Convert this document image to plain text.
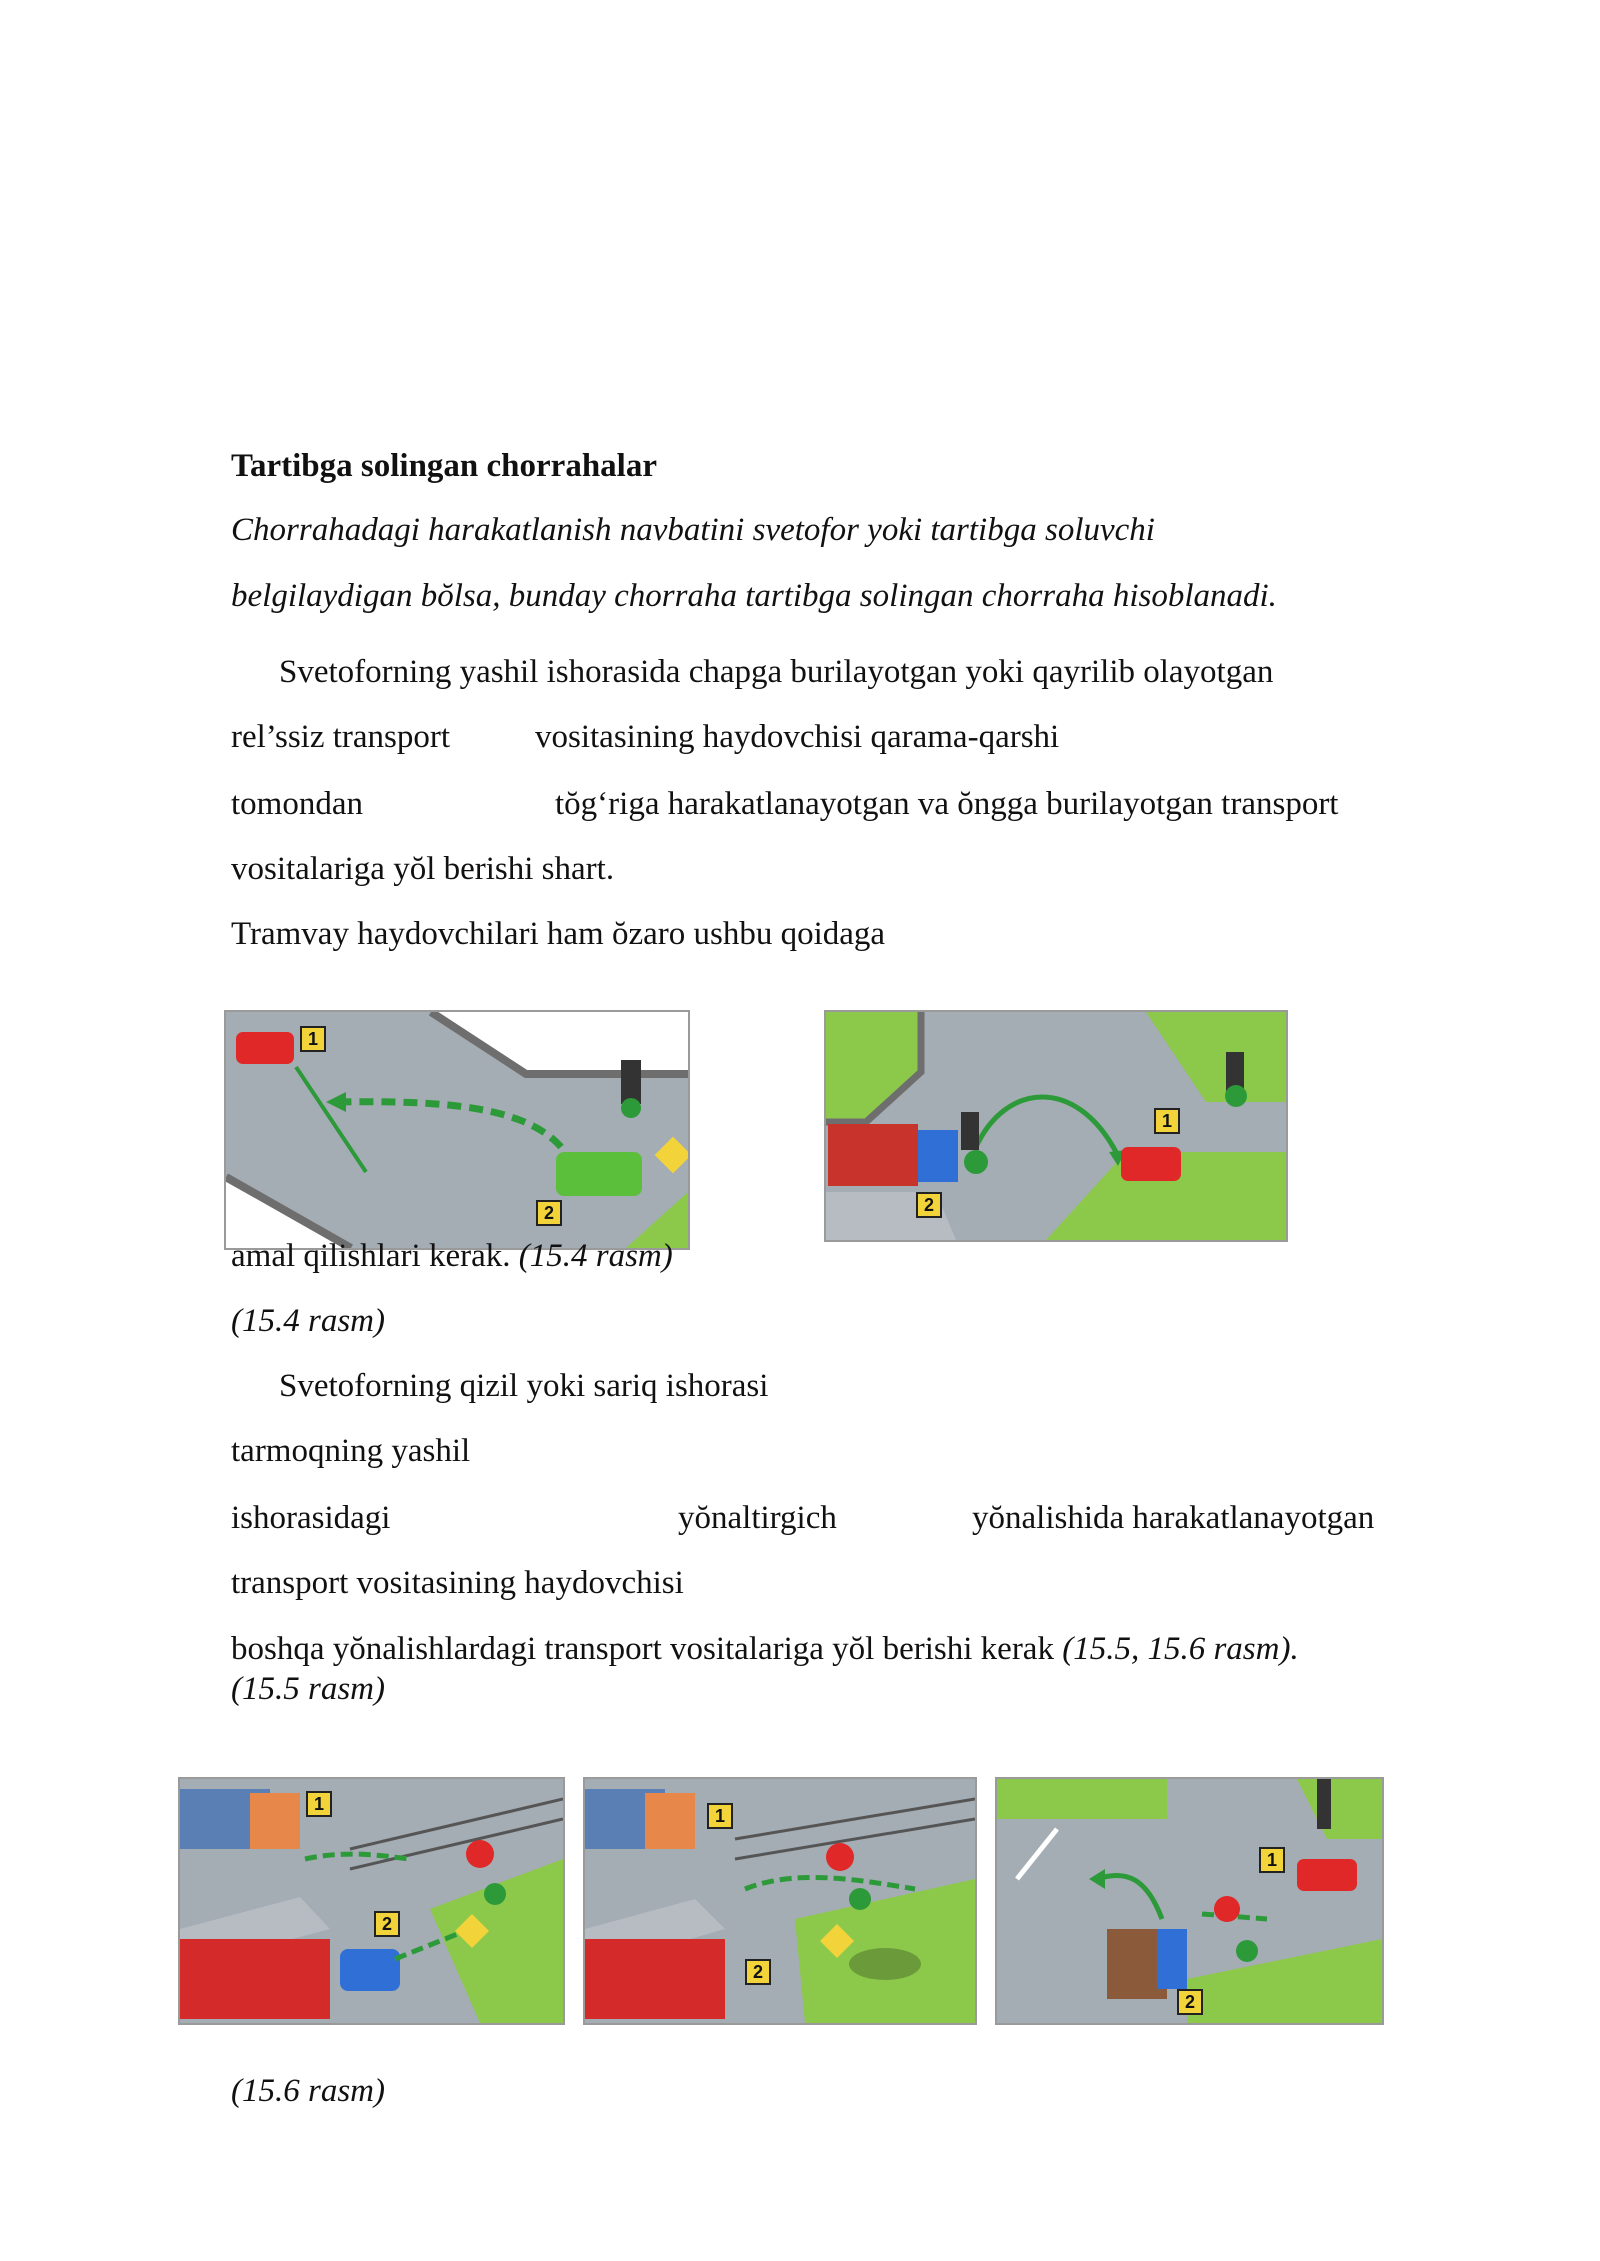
Tartibga solingan chorrahalar
Chorrahadagi harakatlanish navbatini svetofor yoki tartibga soluvchi
belgilaydigan bŏlsa, bunday chorraha tartibga solingan chorraha hisoblanadi.
Svetoforning yashil ishorasida chapga burilayotgan yoki qayrilib olayotgan
rel’ssiz transport	vositasining haydovchisi qarama-qarshi
tomondan	tŏg‘riga harakatlanayotgan va ŏngga burilayotgan transport
vositalariga yŏl berishi shart.
Tramvay haydovchilari ham ŏzaro ushbu qoidaga
1
2
1
2
amal qilishlari kerak. (15.4 rasm)
(15.4 rasm)
Svetoforning qizil yoki sariq ishorasi
tarmoqning yashil
ishorasidagi	yŏnaltirgich	yŏnalishida harakatlanayotgan
transport vositasining haydovchisi
boshqa yŏnalishlardagi transport vositalariga yŏl berishi kerak (15.5, 15.6 rasm).
(15.5 rasm)
1
2
1
2
1
2
(15.6 rasm)
